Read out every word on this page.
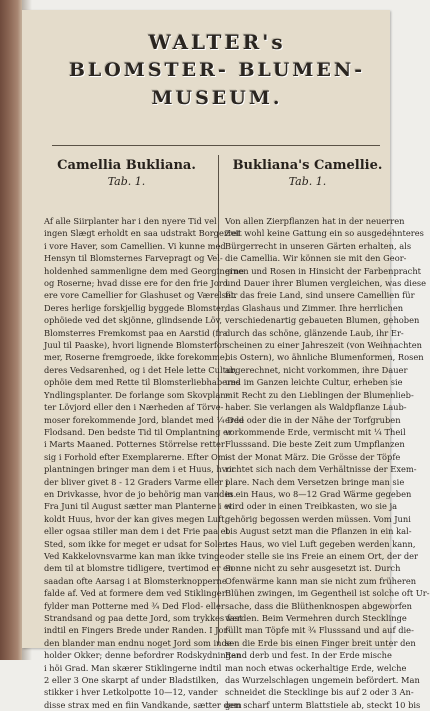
WALTER's
BLOMSTER- BLUMEN-
MUSEUM.
Camellia Bukliana.
Tab. 1.
Af alle Siirplanter har i den nyere Tid vel
ingen Slægt erholdt en saa udstrakt Borgerret
i vore Haver, som Camellien. Vi kunne med
Hensyn til Blomsternes Farvepragt og Vel-
holdenhed sammenligne dem med Georginerne
og Roserne; hvad disse ere for den frie Jord
ere vore Camellier for Glashuset og Værelset.
Deres herlige forskjellig byggede Blomster,
ophöiede ved det skjönne, glindsende Löv,
Blomsterres Fremkomst paa en Aarstid (fra
Juul til Paaske), hvori lignende Blomsterfor-
mer, Roserne fremgroede, ikke forekomme,
deres Vedsarenhed, og i det Hele lette Cultur,
ophöie dem med Rette til Blomsterliebhaberes
Yndlingsplanter. De forlange som Skovplan-
ter Lövjord eller den i Nærheden af Törve-
moser forekommende Jord, blandet med ¼ Ded
Flodsand. Den bedste Tid til Omplantning er
i Marts Maaned. Potternes Störrelse retter
sig i Forhold efter Exemplarerne. Efter Om-
plantningen bringer man dem i et Huus, hvor
der bliver givet 8 - 12 Graders Varme eller i
en Drivkasse, hvor de jo behörig man vandes.
Fra Juni til August sætter man Planterne i et
koldt Huus, hvor der kan gives megen Luft,
eller ogsaa stiller man dem i det Frie paa et
Sted, som ikke for meget er udsat for Solen.
Ved Kakkelovnsvarme kan man ikke tvinge
dem til at blomstre tidligere, tvertimod er en
saadan ofte Aarsag i at Blomsterknopperne
falde af. Ved at formere dem ved Stiklinger
fylder man Potterne med ¾ Ded Flod- eller
Strandsand og paa dette Jord, som trykkes fast
indtil en Fingers Brede under Randen. I Jor-
den blander man endnu noget Jord som inde-
holder Okker; denne befordrer Rodskydningen
i höi Grad. Man skærer Stiklingerne indtil
2 eller 3 One skarpt af under Bladstilken,
stikker i hver Letkolpotte 10—12, vander
disse strax med en fiin Vandkande, sætter dem
Bukliana's Camellie.
Tab. 1.
Von allen Zierpflanzen hat in der neuerren
Zeit wohl keine Gattung ein so ausgedehnteres
Bürgerrecht in unseren Gärten erhalten, als
die Camellia. Wir können sie mit den Geor-
ginen und Rosen in Hinsicht der Farbenpracht
und Dauer ihrer Blumen vergleichen, was diese
für das freie Land, sind unsere Camellien für
das Glashaus und Zimmer. Ihre herrlichen
verschiedenartig gebaueten Blumen, gehoben
durch das schöne, glänzende Laub, ihr Er-
scheinen zu einer Jahreszeit (von Weihnachten
bis Ostern), wo ähnliche Blumenformen, Rosen
abgerechnet, nicht vorkommen, ihre Dauer
und im Ganzen leichte Cultur, erheben sie
mit Recht zu den Lieblingen der Blumenlieb-
haber. Sie verlangen als Waldpflanze Laub-
erde oder die in der Nähe der Torfgruben
vorkommende Erde, vermischt mit ¼ Theil
Flusssand. Die beste Zeit zum Umpflanzen
ist der Monat März. Die Grösse der Töpfe
richtet sich nach dem Verhältnisse der Exem-
plare. Nach dem Versetzen bringe man sie
in ein Haus, wo 8—12 Grad Wärme gegeben
wird oder in einen Treibkasten, wo sie ja
gehörig begossen werden müssen. Vom Juni
bis August setzt man die Pflanzen in ein kal-
tes Haus, wo viel Luft gegeben werden kann,
oder stelle sie ins Freie an einem Ort, der der
Sonne nicht zu sehr ausgesetzt ist. Durch
Ofenwärme kann man sie nicht zum früheren
Blühen zwingen, im Gegentheil ist solche oft Ur-
sache, dass die Blüthenknospen abgeworfen
werden. Beim Vermehren durch Stecklinge
füllt man Töpfe mit ¾ Flusssand und auf die-
sen die Erde bis einen Finger breit unter den
Rand derb und fest. In der Erde mische
man noch etwas ockerhaltige Erde, welche
das Wurzelschlagen ungemein befördert. Man
schneidet die Stecklinge bis auf 2 oder 3 An-
gen scharf unterm Blattstiele ab, steckt 10 bis
